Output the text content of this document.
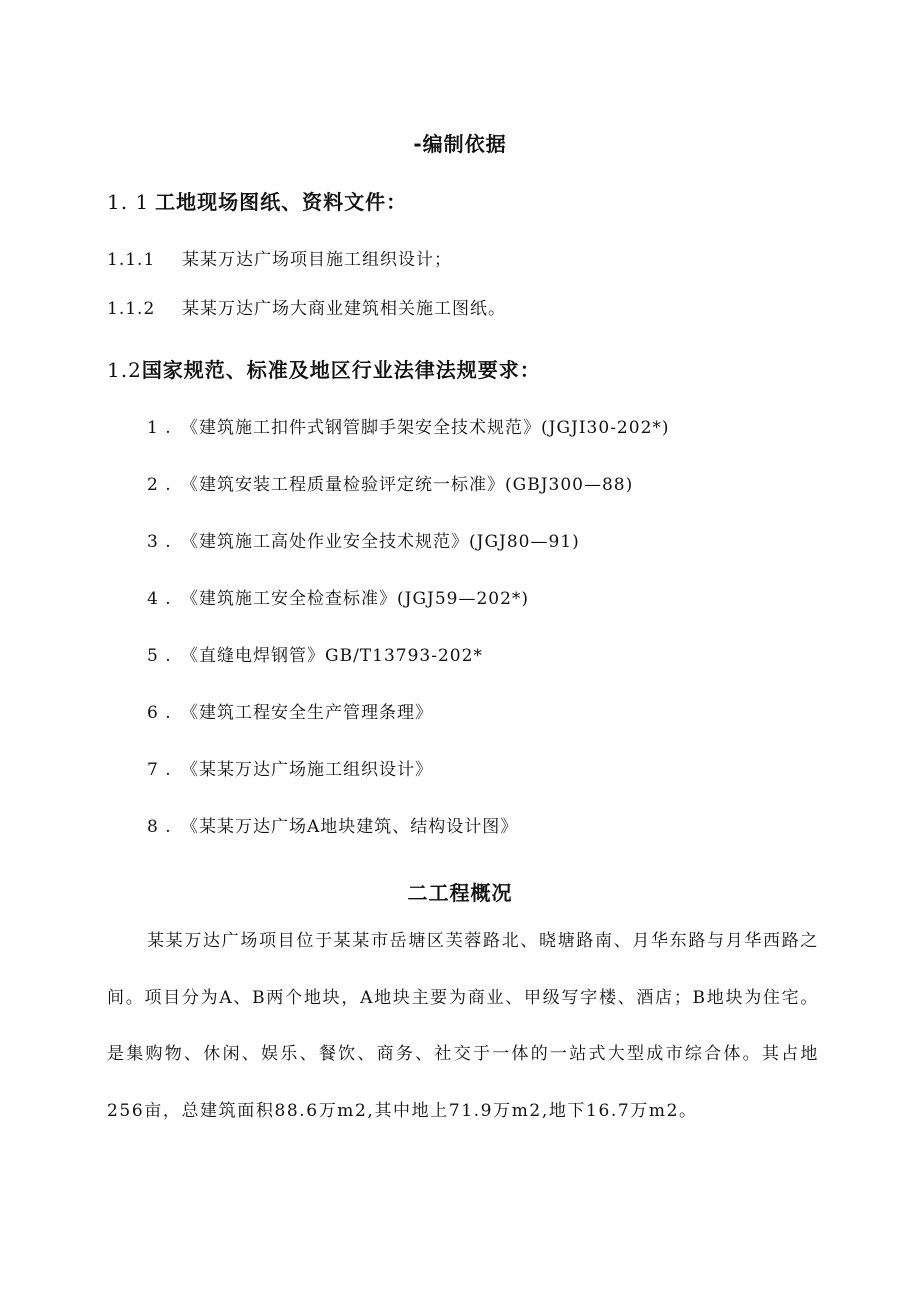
-编制依据
1. 1 工地现场图纸、资料文件：
1.1.1 某某万达广场项目施工组织设计；
1.1.2 某某万达广场大商业建筑相关施工图纸。
1.2国家规范、标准及地区行业法律法规要求：
1 . 《建筑施工扣件式钢管脚手架安全技术规范》(JGJI30-202*)
2 . 《建筑安装工程质量检验评定统一标准》(GBJ300—88)
3 . 《建筑施工高处作业安全技术规范》(JGJ80—91)
4 . 《建筑施工安全检查标准》(JGJ59—202*)
5 . 《直缝电焊钢管》GB/T13793-202*
6 . 《建筑工程安全生产管理条理》
7 . 《某某万达广场施工组织设计》
8 . 《某某万达广场A地块建筑、结构设计图》
二工程概况
某某万达广场项目位于某某市岳塘区芙蓉路北、晓塘路南、月华东路与月华西路之间。项目分为A、B两个地块，A地块主要为商业、甲级写字楼、酒店；B地块为住宅。是集购物、休闲、娱乐、餐饮、商务、社交于一体的一站式大型成市综合体。其占地256亩，总建筑面积88.6万m2,其中地上71.9万m2,地下16.7万m2。
